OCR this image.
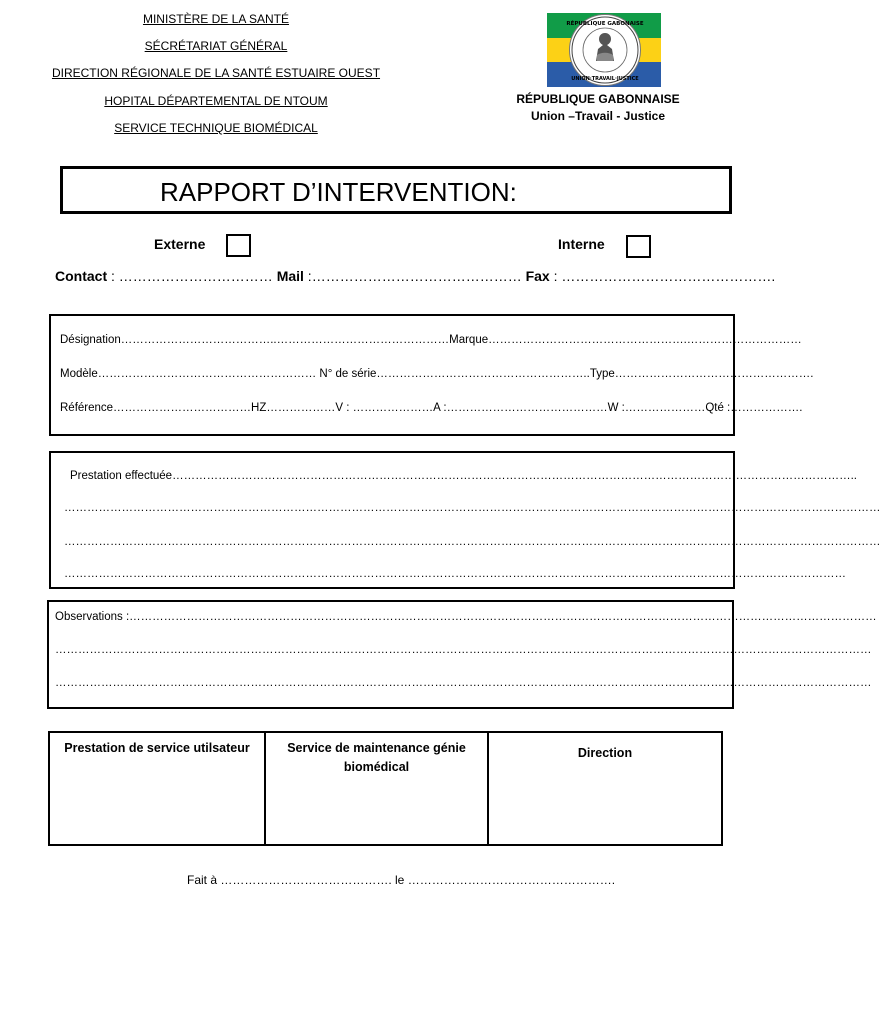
MINISTÈRE DE LA SANTÉ
SÉCRÉTARIAT GÉNÉRAL
DIRECTION RÉGIONALE DE LA SANTÉ ESTUAIRE OUEST
HOPITAL DÉPARTEMENTAL DE NTOUM
SERVICE TECHNIQUE BIOMÉDICAL
RÉPUBLIQUE GABONAISE
UNION·TRAVAIL·JUSTICE
RÉPUBLIQUE GABONNAISE
Union –Travail - Justice
RAPPORT D’INTERVENTION:
Externe	Interne
Contact : …………………………… Mail :……………………………………… Fax : ……………………………………….
Désignation…………………………………..………………………………………Marque…………………………………………….…………………………
Modèle………………………………………………… N° de série………………………………………………..Type…………………………………………….
Référence………………………………HZ………………V : …………………A :……………………………………W :…………………Qté :……………….
Prestation effectuée……………………………………………………………………………………………………………………………………………………………..
……………………………………………………………………………………………………………………………………………………………………………………………
……………………………………………………………………………………………………………………………………………………………………………………………
……………………………………………………………………………………………………………………………………………………………………………………
Observations :……………………………………………………………………………………………………………………………………………………………………………
……………………………………………………………………………………………………………………………………………………………………………………………
……………………………………………………………………………………………………………………………………………………………………………………………
Prestation de service utilsateur	Service de maintenance génie biomédical	Direction
Fait à ……………………………………. le …………………………………………….
